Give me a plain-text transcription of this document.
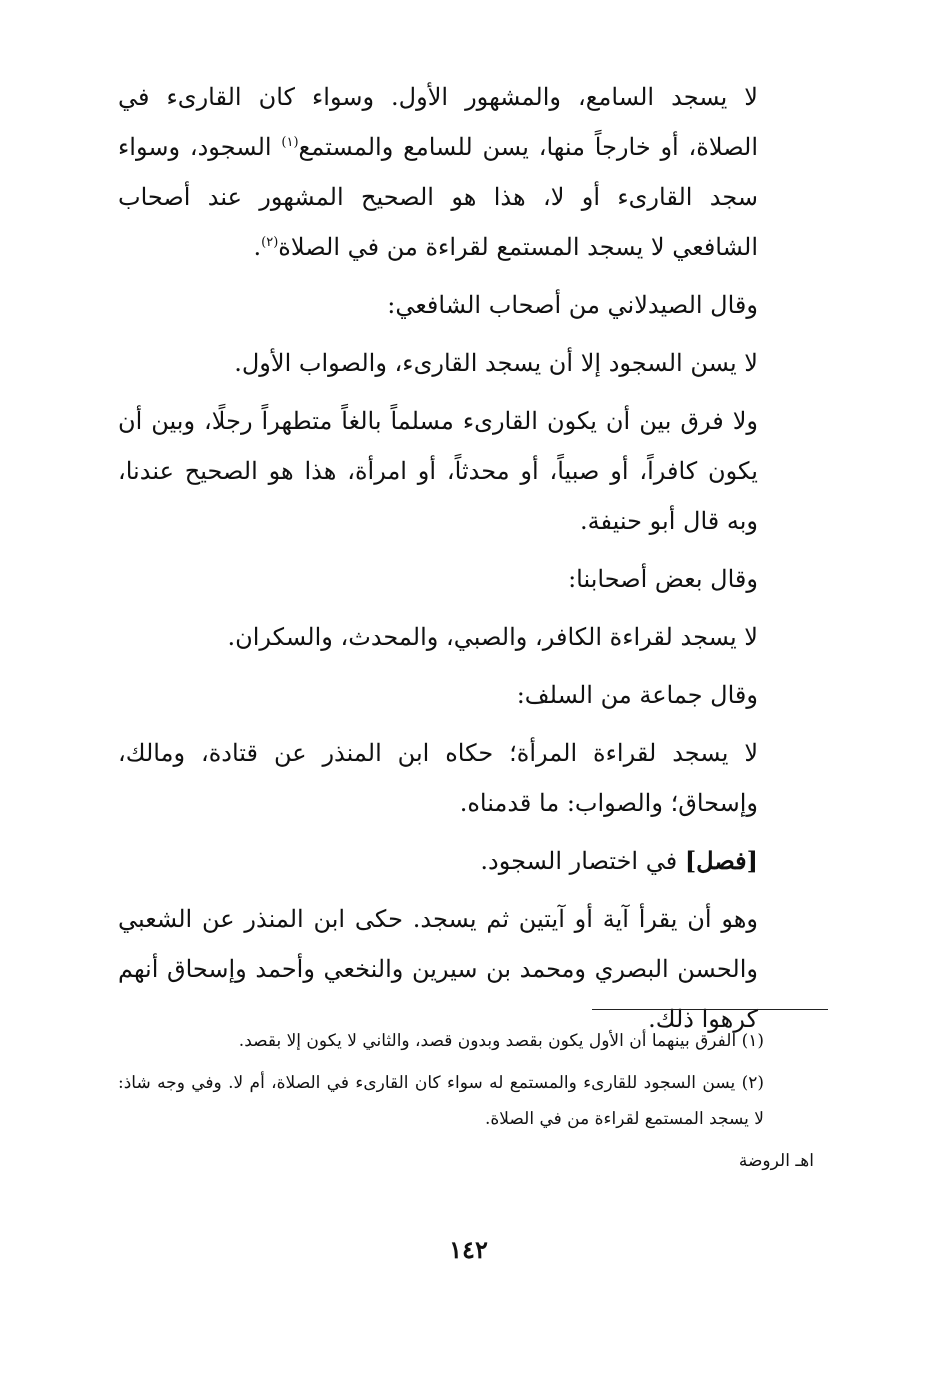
لا يسجد السامع، والمشهور الأول. وسواء كان القارىء في الصلاة، أو خارجاً منها، يسن للسامع والمستمع$^{(١)}$ السجود، وسواء سجد القارىء أو لا، هذا هو الصحيح المشهور عند أصحاب الشافعي لا يسجد المستمع لقراءة من في الصلاة$^{(٢)}$.

وقال الصيدلاني من أصحاب الشافعي:

لا يسن السجود إلا أن يسجد القارىء، والصواب الأول.

ولا فرق بين أن يكون القارىء مسلماً بالغاً متطهراً رجلًا، وبين أن يكون كافراً، أو صبياً، أو محدثاً، أو امرأة، هذا هو الصحيح عندنا، وبه قال أبو حنيفة.

وقال بعض أصحابنا:

لا يسجد لقراءة الكافر، والصبي، والمحدث، والسكران.

وقال جماعة من السلف:

لا يسجد لقراءة المرأة؛ حكاه ابن المنذر عن قتادة، ومالك، وإسحاق؛ والصواب: ما قدمناه.

[فصل] في اختصار السجود.

وهو أن يقرأ آية أو آيتين ثم يسجد. حكى ابن المنذر عن الشعبي والحسن البصري ومحمد بن سيرين والنخعي وأحمد وإسحاق أنهم كرهوا ذلك.

(١) الفرق بينهما أن الأول يكون بقصد وبدون قصد، والثاني لا يكون إلا بقصد.

(٢) يسن السجود للقارىء والمستمع له سواء كان القارىء في الصلاة، أم لا. وفي وجه شاذ: لا يسجد المستمع لقراءة من في الصلاة.

اهـ الروضة

١٤٢
